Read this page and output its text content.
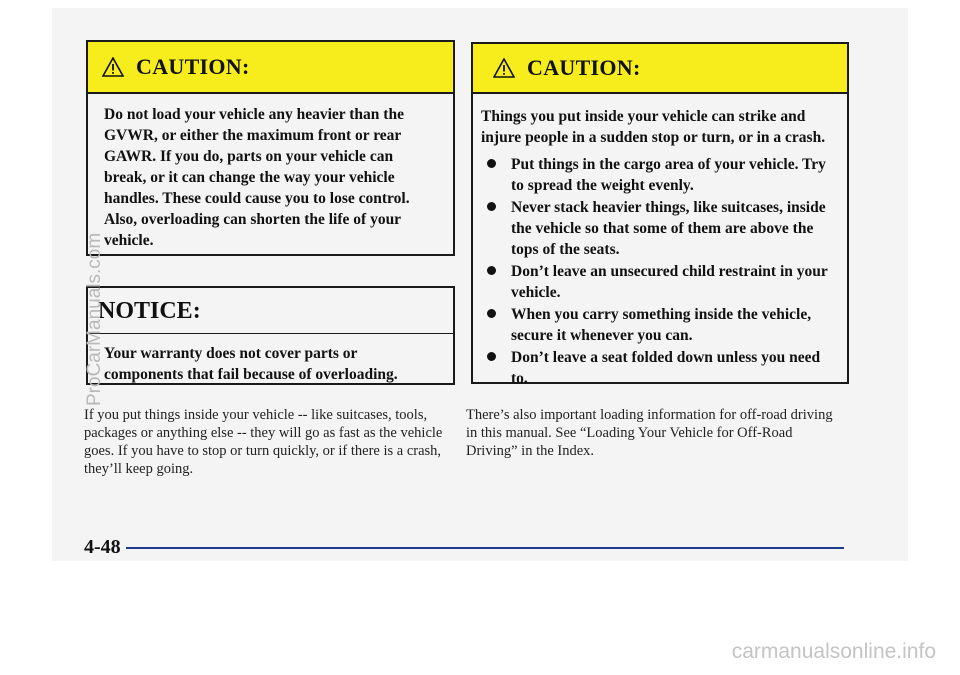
CAUTION:
Do not load your vehicle any heavier than the GVWR, or either the maximum front or rear GAWR. If you do, parts on your vehicle can break, or it can change the way your vehicle handles. These could cause you to lose control. Also, overloading can shorten the life of your vehicle.
NOTICE:
Your warranty does not cover parts or components that fail because of overloading.
CAUTION:
Things you put inside your vehicle can strike and injure people in a sudden stop or turn, or in a crash.
Put things in the cargo area of your vehicle. Try to spread the weight evenly.
Never stack heavier things, like suitcases, inside the vehicle so that some of them are above the tops of the seats.
Don’t leave an unsecured child restraint in your vehicle.
When you carry something inside the vehicle, secure it whenever you can.
Don’t leave a seat folded down unless you need to.
If you put things inside your vehicle -- like suitcases, tools, packages or anything else -- they will go as fast as the vehicle goes. If you have to stop or turn quickly, or if there is a crash, they’ll keep going.
There’s also important loading information for off-road driving in this manual. See “Loading Your Vehicle for Off-Road Driving” in the Index.
4-48
ProCarManuals.com
carmanualsonline.info
